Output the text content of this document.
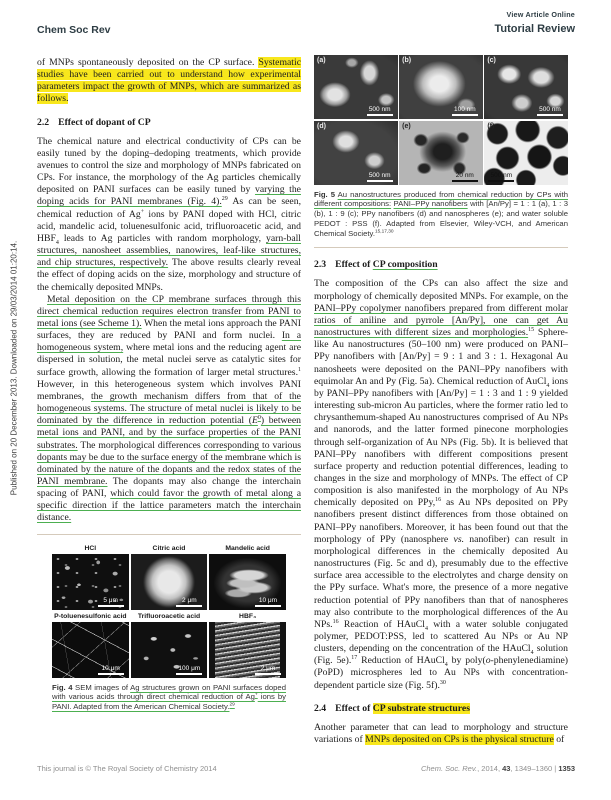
View Article Online
Chem Soc Rev	Tutorial Review
Published on 20 December 2013. Downloaded on 29/03/2014 01:20:14.

of MNPs spontaneously deposited on the CP surface. Systematic studies have been carried out to understand how experimental parameters impact the growth of MNPs, which are summarized as follows.

2.2 Effect of dopant of CP

The chemical nature and electrical conductivity of CPs can be easily tuned by the doping–dedoping treatments, which provide avenues to control the size and morphology of MNPs fabricated on CPs. For instance, the morphology of the Ag particles chemically deposited on PANI surfaces can be easily tuned by varying the doping acids for PANI membranes (Fig. 4).$^{29}$ As can be seen, chemical reduction of Ag+ ions by PANI doped with HCl, citric acid, mandelic acid, toluenesulfonic acid, trifluoroacetic acid, and $HBF_4$ leads to Ag particles with random morphology, yarn-ball structures, nanosheet assemblies, nanowires, leaf-like structures, and chip structures, respectively. The above results clearly reveal the effect of doping acids on the size, morphology and structure of the chemically deposited MNPs.

Metal deposition on the CP membrane surfaces through this direct chemical reduction requires electron transfer from PANI to metal ions (see Scheme 1). When the metal ions approach the PANI surfaces, they are reduced by PANI and form nuclei. In a homogeneous system, where metal ions and the reducing agent are dispersed in solution, the metal nuclei serve as catalytic sites for surface growth, allowing the formation of larger metal structures.$^1$ However, in this heterogeneous system which involves PANI membranes, the growth mechanism differs from that of the homogeneous systems. The structure of metal nuclei is likely to be dominated by the difference in reduction potential $(E^0)$ between metal ions and PANI, and by the surface properties of the PANI substrates. The morphological differences corresponding to various dopants may be due to the surface energy of the membrane which is dominated by the nature of the dopants and the redox states of the PANI membrane. The dopants may also change the interchain spacing of PANI, which could favor the growth of metal along a specific direction if the lattice parameters match the interchain distance.

HCl
5 μm
Citric acid
2 μm
Mandelic acid
10 μm
P-toluenesulfonic acid
10 μm
Trifluoroacetic acid
100 μm
HBF₄
2 μm

Fig. 4 SEM images of Ag structures grown on PANI surfaces doped with various acids through direct chemical reduction of Ag+ ions by PANI. Adapted from the American Chemical Society.$^{29}$

(a)
500 nm
(b)
100 nm
(c)
500 nm
(d)
500 nm
(e)
20 nm
(f)
500 nm

Fig. 5 Au nanostructures produced from chemical reduction by CPs with different compositions: PANI–PPy nanofibers with [An/Py] = 1 : 1 (a), 1 : 3 (b), 1 : 9 (c); PPy nanofibers (d) and nanospheres (e); and water soluble PEDOT : PSS (f). Adapted from Elsevier, Wiley-VCH, and American Chemical Society.$^{15,17,30}$

2.3 Effect of CP composition

The composition of the CPs can also affect the size and morphology of chemically deposited MNPs. For example, on the PANI–PPy copolymer nanofibers prepared from different molar ratios of aniline and pyrrole [An/Py], one can get Au nanostructures with different sizes and morphologies.$^{15}$ Sphere-like Au nanostructures (50–100 nm) were produced on PANI–PPy nanofibers with [An/Py] = 9 : 1 and 3 : 1. Hexagonal Au nanosheets were deposited on the PANI–PPy nanofibers with equimolar An and Py (Fig. 5a). Chemical reduction of AuCl$_4$ ions by PANI–PPy nanofibers with [An/Py] = 1 : 3 and 1 : 9 yielded interesting sub-micron Au particles, where the former ratio led to chrysanthemum-shaped Au nanostructures comprised of Au NPs and nanorods, and the latter formed pinecone morphologies through self-organization of Au NPs (Fig. 5b). It is believed that PANI–PPy nanofibers with different compositions present surface property and reduction potential differences, leading to changes in the size and morphology of MNPs. The effect of CP composition is also manifested in the morphology of Au NPs chemically deposited on PPy,$^{16}$ as Au NPs deposited on PPy nanofibers present distinct differences from those obtained on PANI–PPy nanofibers. Moreover, it has been found out that the morphology of PPy (nanosphere vs. nanofiber) can result in morphological differences in the chemically deposited Au nanostructures (Fig. 5c and d), presumably due to the effective surface area accessible to the electrolytes and charge density on the PPy surface. What's more, the presence of a more negative reduction potential of PPy nanofibers than that of nanospheres may also contribute to the morphological differences of the Au NPs.$^{16}$ Reaction of HAuCl$_4$ with a water soluble conjugated polymer, PEDOT:PSS, led to scattered Au NPs or Au NP clusters, depending on the concentration of the HAuCl$_4$ solution (Fig. 5e).$^{17}$ Reduction of HAuCl$_4$ by poly(o-phenylenediamine) (PoPD) microspheres led to Au NPs with concentration-dependent particle size (Fig. 5f).$^{30}$

2.4 Effect of CP substrate structures

Another parameter that can lead to morphology and structure variations of MNPs deposited on CPs is the physical structure of

This journal is © The Royal Society of Chemistry 2014	Chem. Soc. Rev., 2014, 43, 1349–1360 | 1353
